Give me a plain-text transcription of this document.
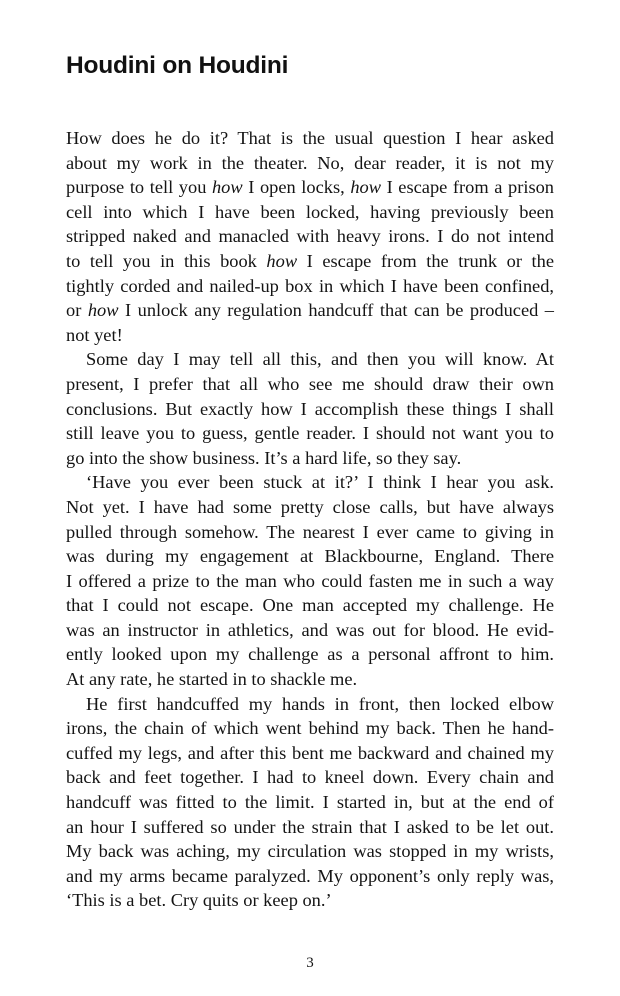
Houdini on Houdini
How does he do it? That is the usual question I hear asked
about my work in the theater. No, dear reader, it is not my
purpose to tell you how I open locks, how I escape from a prison
cell into which I have been locked, having previously been
stripped naked and manacled with heavy irons. I do not intend
to tell you in this book how I escape from the trunk or the
tightly corded and nailed-up box in which I have been confined,
or how I unlock any regulation handcuff that can be produced –
not yet!
Some day I may tell all this, and then you will know. At
present, I prefer that all who see me should draw their own
conclusions. But exactly how I accomplish these things I shall
still leave you to guess, gentle reader. I should not want you to
go into the show business. It’s a hard life, so they say.
‘Have you ever been stuck at it?’ I think I hear you ask.
Not yet. I have had some pretty close calls, but have always
pulled through somehow. The nearest I ever came to giving in
was during my engagement at Blackbourne, England. There
I offered a prize to the man who could fasten me in such a way
that I could not escape. One man accepted my challenge. He
was an instructor in athletics, and was out for blood. He evid-
ently looked upon my challenge as a personal affront to him.
At any rate, he started in to shackle me.
He first handcuffed my hands in front, then locked elbow
irons, the chain of which went behind my back. Then he hand-
cuffed my legs, and after this bent me backward and chained my
back and feet together. I had to kneel down. Every chain and
handcuff was fitted to the limit. I started in, but at the end of
an hour I suffered so under the strain that I asked to be let out.
My back was aching, my circulation was stopped in my wrists,
and my arms became paralyzed. My opponent’s only reply was,
‘This is a bet. Cry quits or keep on.’
3
